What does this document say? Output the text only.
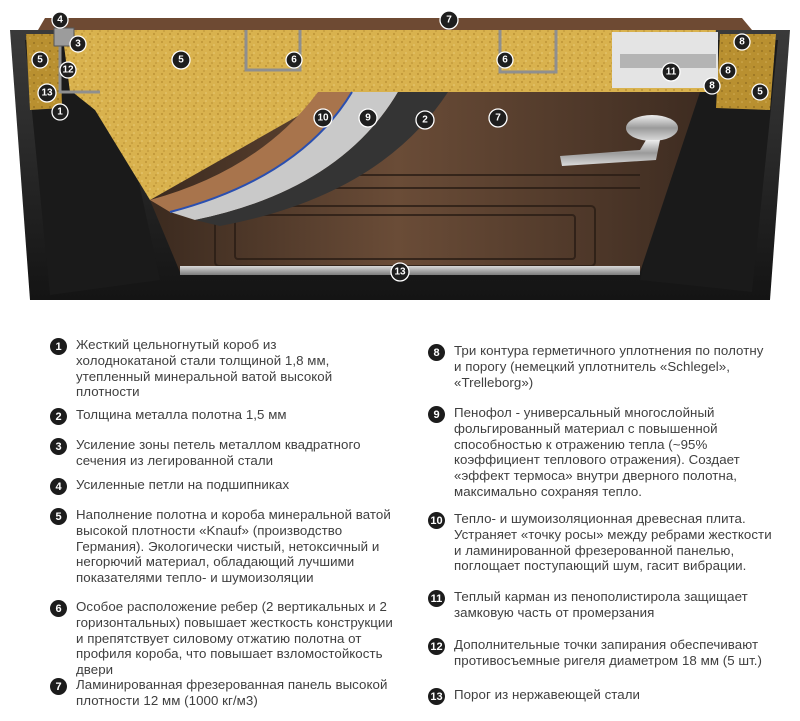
1
2
3
4
5	5
5
6	6
7
7
8
8
8
9
10
11
12
13
13
1	Жесткий цельногнутый короб из холоднокатаной стали толщиной 1,8 мм, утепленный минеральной ватой высокой плотности
2	Толщина металла полотна 1,5 мм
3	Усиление зоны петель металлом квадратного сечения из легированной стали
4	Усиленные петли на подшипниках
5	Наполнение полотна и короба минеральной ватой высокой плотности «Knauf» (производство Германия). Экологически чистый, нетоксичный и негорючий материал, обладающий лучшими показателями тепло- и шумоизоляции
6	Особое расположение ребер (2 вертикальных и 2 горизонтальных) повышает жесткость конструкции и препятствует силовому отжатию полотна от профиля короба, что повышает взломостойкость двери
7	Ламинированная фрезерованная панель высокой плотности 12 мм (1000 кг/м3)
8	Три контура герметичного уплотнения по полотну и порогу (немецкий уплотнитель «Schlegel», «Trelleborg»)
9	Пенофол - универсальный многослойный фольгированный материал с повышенной способностью к отражению тепла (~95% коэффициент теплового отражения). Создает «эффект термоса» внутри дверного полотна, максимально сохраняя тепло.
10 Тепло- и шумоизоляционная древесная плита. Устраняет «точку росы» между ребрами жесткости и ламинированной фрезерованной панелью, поглощает поступающий шум, гасит вибрации.
11 Теплый карман из пенополистирола защищает замковую часть от промерзания
12 Дополнительные точки запирания обеспечивают противосъемные ригеля диаметром 18 мм (5 шт.)
13 Порог из нержавеющей стали
